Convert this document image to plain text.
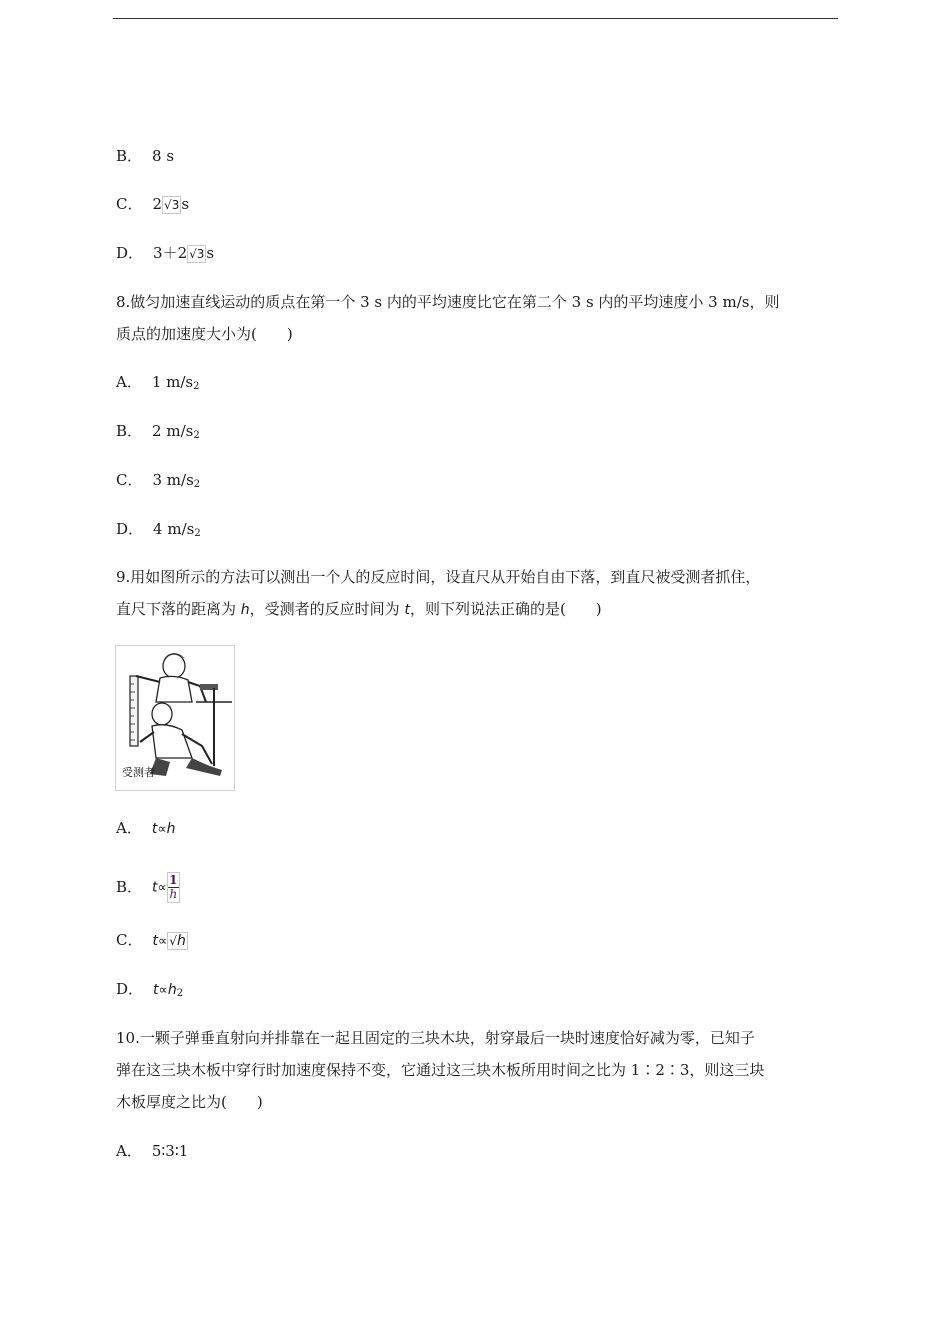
B． 8 s
C． 2 √3 s
D． 3＋2 √3 s
8.做匀加速直线运动的质点在第一个 3 s 内的平均速度比它在第二个 3 s 内的平均速度小 3 m/s，则
质点的加速度大小为(　　)
A． 1 $m/s_2$
B． 2 $m/s_2$
C． 3 $m/s_2$
D． 4 $m/s_2$
9.用如图所示的方法可以测出一个人的反应时间，设直尺从开始自由下落，到直尺被受测者抓住，
直尺下落的距离为 h，受测者的反应时间为 t，则下列说法正确的是(　　)
受测者
A． t∝h
B． $t\propto \frac{1}{h}$
C． t∝ √h
D． $t\propto h_2$
10.一颗子弹垂直射向并排靠在一起且固定的三块木块，射穿最后一块时速度恰好减为零，已知子
弹在这三块木板中穿行时加速度保持不变，它通过这三块木板所用时间之比为 1∶2∶3，则这三块
木板厚度之比为(　　)
A． 5∶3∶1
